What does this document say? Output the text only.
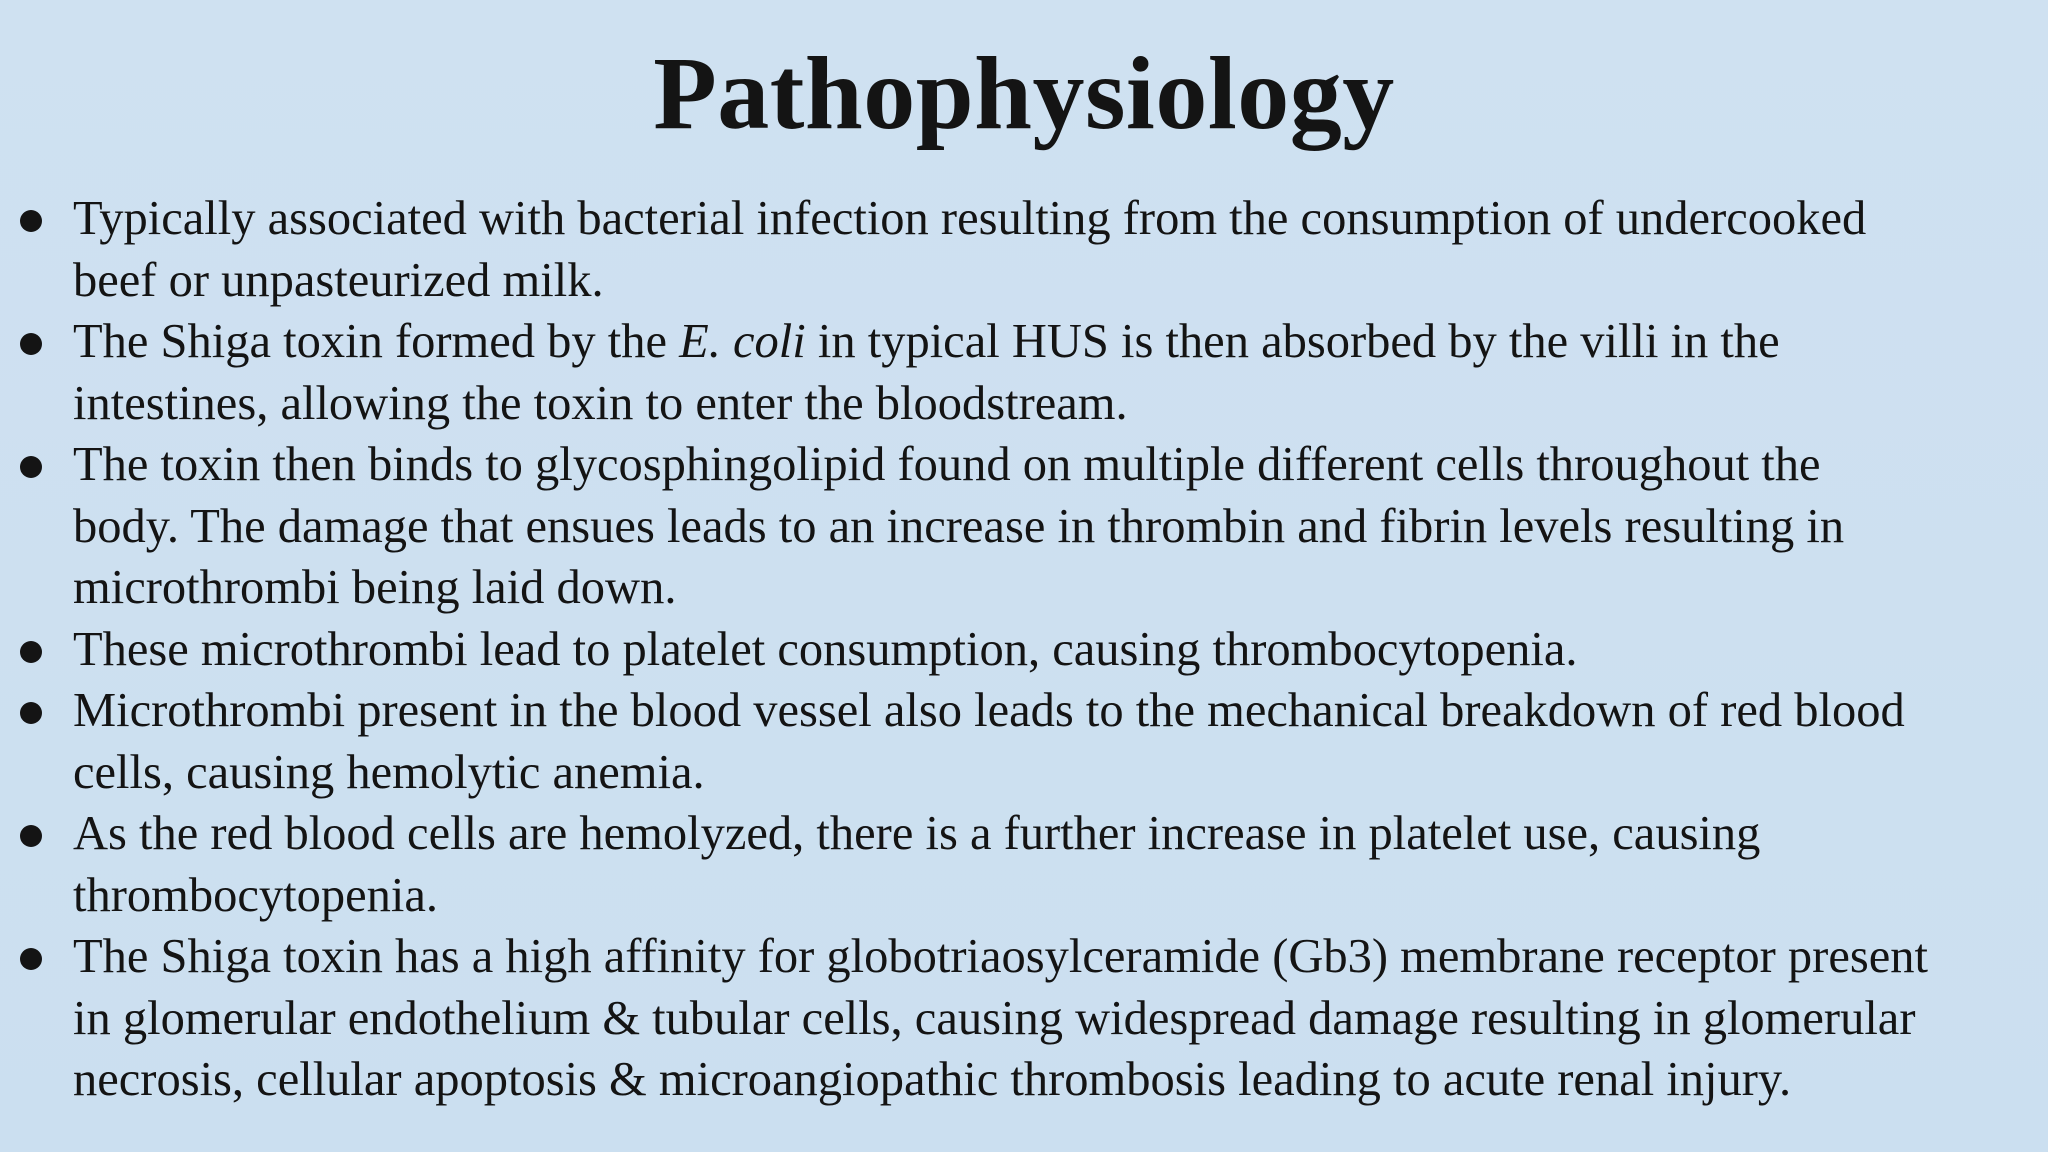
Pathophysiology
Typically associated with bacterial infection resulting from the consumption of undercooked
beef or unpasteurized milk.
The Shiga toxin formed by the E. coli in typical HUS is then absorbed by the villi in the
intestines, allowing the toxin to enter the bloodstream.
The toxin then binds to glycosphingolipid found on multiple different cells throughout the
body. The damage that ensues leads to an increase in thrombin and fibrin levels resulting in
microthrombi being laid down.
These microthrombi lead to platelet consumption, causing thrombocytopenia.
Microthrombi present in the blood vessel also leads to the mechanical breakdown of red blood
cells, causing hemolytic anemia.
As the red blood cells are hemolyzed, there is a further increase in platelet use, causing
thrombocytopenia.
The Shiga toxin has a high affinity for globotriaosylceramide (Gb3) membrane receptor present
in glomerular endothelium & tubular cells, causing widespread damage resulting in glomerular
necrosis, cellular apoptosis & microangiopathic thrombosis leading to acute renal injury.
